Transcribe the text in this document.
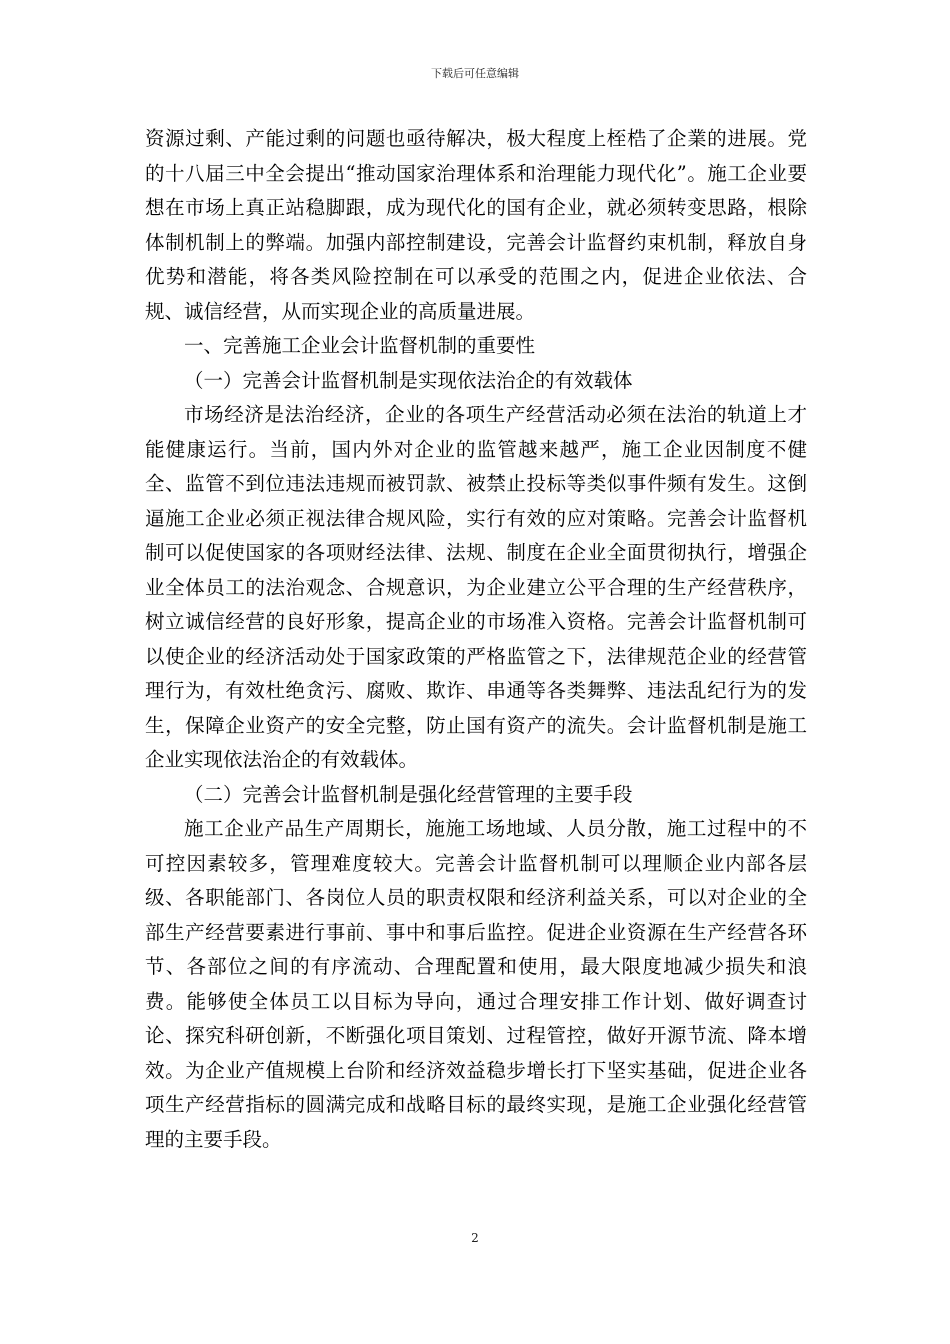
下载后可任意编辑

资源过剩、产能过剩的问题也亟待解决，极大程度上桎梏了企業的进展。党的十八届三中全会提出“推动国家治理体系和治理能力现代化”。施工企业要想在市场上真正站稳脚跟，成为现代化的国有企业，就必须转变思路，根除体制机制上的弊端。加强内部控制建设，完善会计监督约束机制，释放自身优势和潜能，将各类风险控制在可以承受的范围之内，促进企业依法、合规、诚信经营，从而实现企业的高质量进展。

一、完善施工企业会计监督机制的重要性

（一）完善会计监督机制是实现依法治企的有效载体

市场经济是法治经济，企业的各项生产经营活动必须在法治的轨道上才能健康运行。当前，国内外对企业的监管越来越严，施工企业因制度不健全、监管不到位违法违规而被罚款、被禁止投标等类似事件频有发生。这倒逼施工企业必须正视法律合规风险，实行有效的应对策略。完善会计监督机制可以促使国家的各项财经法律、法规、制度在企业全面贯彻执行，增强企业全体员工的法治观念、合规意识，为企业建立公平合理的生产经营秩序，树立诚信经营的良好形象，提高企业的市场准入资格。完善会计监督机制可以使企业的经济活动处于国家政策的严格监管之下，法律规范企业的经营管理行为，有效杜绝贪污、腐败、欺诈、串通等各类舞弊、违法乱纪行为的发生，保障企业资产的安全完整，防止国有资产的流失。会计监督机制是施工企业实现依法治企的有效载体。

（二）完善会计监督机制是强化经营管理的主要手段

施工企业产品生产周期长，施施工场地域、人员分散，施工过程中的不可控因素较多，管理难度较大。完善会计监督机制可以理顺企业内部各层级、各职能部门、各岗位人员的职责权限和经济利益关系，可以对企业的全部生产经营要素进行事前、事中和事后监控。促进企业资源在生产经营各环节、各部位之间的有序流动、合理配置和使用，最大限度地减少损失和浪费。能够使全体员工以目标为导向，通过合理安排工作计划、做好调查讨论、探究科研创新，不断强化项目策划、过程管控，做好开源节流、降本增效。为企业产值规模上台阶和经济效益稳步增长打下坚实基础，促进企业各项生产经营指标的圆满完成和战略目标的最终实现，是施工企业强化经营管理的主要手段。

2
